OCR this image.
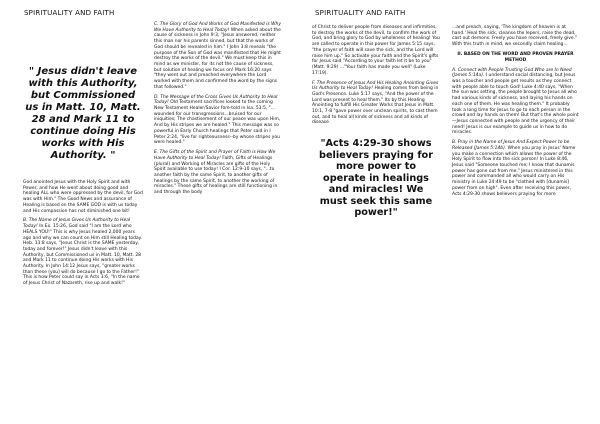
SPIRITUALITY AND FAITH	SPIRITUALITY AND FAITH
" Jesus didn't leave with this Authority, but Commissioned us in Matt. 10, Matt. 28 and Mark 11 to continue doing His works with His Authority. "

God anointed Jesus with the Holy Spirit and with Power, and how He went about doing good and healing ALL who were oppressed by the devil, for God was with Him." The Good News and assurance of Healing is based on the SAME GOD is with us today and His compassion has not diminished one bit!

B. The Name of Jesus Gives Us Authority to Heal Today! In Ex. 15:26, God said "I am the Lord who HEALS YOU!" This is why Jesus healed 2,000 years ago and why we can count on Him still Healing today. Heb. 13:8 says, "Jesus Christ is the SAME yesterday, today and forever!" Jesus didn't leave with this Authority, but Commissioned us in Matt. 10, Matt. 28 and Mark 11 to continue doing His works with His Authority. In John 14:12 Jesus says, "greater works than these (you) will do because I go to the Father!" This is how Peter could say in Acts 3:6, "In the name of Jesus Christ of Nazareth, rise up and walk!"

C. The Glory of God And Works of God Manifested is Why We Have Authority to Heal Today! When asked about the cause of sickness in John 9:3, "Jesus answered, neither this man nor his parents sinned, but that the works of God should be revealed in him." I John 3:8 reveals "the purpose of the Son of God was manifested that He might destroy the works of the devil." We must keep this in mind as we minister, for its not the cause of sickness, but solution of healing we focus on! Mark 16:20 says "they went out and preached everywhere the Lord worked with them and confirmed the word by the signs that followed."

D. The Message of the Cross Gives Us Authority to Heal Today! Old Testament sacrifices looked to the coming New Testament Healer/Savior fore-told in Isa. 53:5, "... wounded for our transgressions...bruised for our iniquities; The chastisement of our peace was upon Him, And by His stripes we are healed." This message was so powerful in Early Church healings that Peter said in I Peter 2:24, "live for righteousness--by whose stripes you were healed."

E. The Gifts of the Spirit and Prayer of Faith is How We Have Authority to Heal Today! Faith, Gifts of Healings (plural) and Working of Miracles are gifts of the Holy Spirit available to use today! I Cor. 12:9-10 says, "...to another faith by the same Spirit, to another gifts of healings by the same Spirit, to another the working of miracles." These gifts of healings are still functioning in and through the body

of Christ to deliver people from diseases and infirmities, to destroy the works of the devil, to confirm the work of God, and bring glory to God by wholeness of healing! You are called to operate in this power for James 5:15 says, "the prayer of faith will save the sick, and the Lord will raise him up." So activate your faith and the Spirit's gifts for Jesus said "According to your faith let it be to you" (Matt. 9:29) ..."Your faith has made you well" (Luke 17:19).

F. The Presence of Jesus And His Healing Anointing Gives Us Authority to Heal Today! Healing comes from being in God's Presence. Luke 5:17 says, "And the power of the Lord was present to heal them." Its by this Healing Anointing to fulfill His Greater Works that Jesus in Matt. 10:1, 7-8 "gave power over unclean spirits, to cast them out, and to heal all kinds of sickness and all kinds of disease

"Acts 4:29-30 shows believers praying for more power to operate in healings and miracles! We must seek this same power!"

...and preach, saying, 'The kingdom of heaven is at hand.' Heal the sick, cleanse the lepers, raise the dead, cast out demons. Freely you have received, freely give." With this truth in mind, we secondly claim healing...

II. BASED ON THE WORD AND PROVEN PRAYER METHOD

A. Connect with People Trusting God Who are In Need (James 5:14a). I understand social distancing, but Jesus was a toucher and people get results as they connect with people able to touch God! Luke 4:40 says, "When the sun was setting, the people brought to Jesus all who had various kinds of sickness, and laying his hands on each one of them, He was healing them." It probably took a long time for Jesus to go to each person in the crowd and lay hands on them! But that's the whole point—Jesus connected with people and the urgency of their need! Jesus is our example to guide us in how to do miracles.

B. Pray in the Name of Jesus And Expect Power to be Released (James 5:14b). When you pray in Jesus' Name you make a connection which allows the power of the Holy Spirit to flow into the sick person! In Luke 8:46, Jesus said "Someone touched me; I know that dunamis power has gone out from me." Jesus ministered in this power and commanded all who would carry on His ministry in Luke 24:49 to be "clothed with [dunamis] power from on high". Even after receiving this power, Acts 4:29-30 shows believers praying for more
